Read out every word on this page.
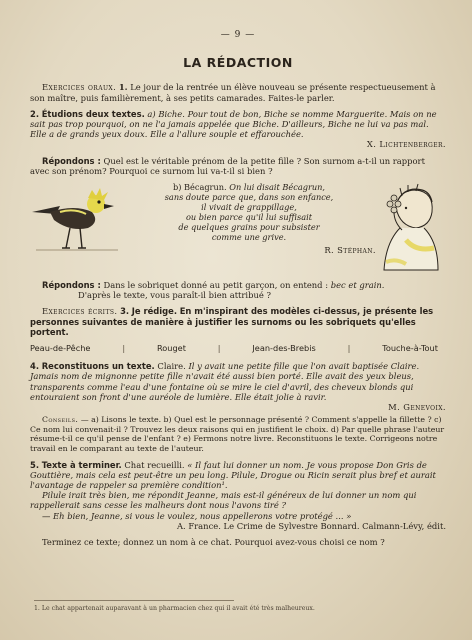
— 9 —
LA RÉDACTION

Exercices oraux. 1. Le jour de la rentrée un élève nouveau se présente respectueusement à son maître, puis familièrement, à ses petits camarades. Faites-le parler.

2. Étudions deux textes. a) Biche. Pour tout de bon, Biche se nomme Marguerite. Mais on ne sait pas trop pourquoi, on ne l'a jamais appelée que Biche. D'ailleurs, Biche ne lui va pas mal. Elle a de grands yeux doux. Elle a l'allure souple et effarouchée.

X. Lichtenberger.

Répondons : Quel est le véritable prénom de la petite fille ? Son surnom a-t-il un rapport avec son prénom? Pourquoi ce surnom lui va-t-il si bien ?

b) Bécagrun. On lui disait Bécagrun,
sans doute parce que, dans son enfance,
il vivait de grappillage,
ou bien parce qu'il lui suffisait
de quelques grains pour subsister
comme une grive.

R. Stéphan.

Répondons : Dans le sobriquet donné au petit garçon, on entend : bec et grain.

D'après le texte, vous paraît-il bien attribué ?

Exercices écrits. 3. Je rédige. En m'inspirant des modèles ci-dessus, je présente les personnes suivantes de manière à justifier les surnoms ou les sobriquets qu'elles portent.

Peau-de-Pêche	|	Rouget	|	Jean-des-Brebis	|	Touche-à-Tout

4. Reconstituons un texte. Claire. Il y avait une petite fille que l'on avait baptisée Claire. Jamais nom de mignonne petite fille n'avait été aussi bien porté. Elle avait des yeux bleus, transparents comme l'eau d'une fontaine où se mire le ciel d'avril, des cheveux blonds qui entouraient son front d'une auréole de lumière. Elle était jolie à ravir.

M. Genevoix.

Conseils. — a) Lisons le texte. b) Quel est le personnage présenté ? Comment s'appelle la fillette ? c) Ce nom lui convenait-il ? Trouvez les deux raisons qui en justifient le choix. d) Par quelle phrase l'auteur résume-t-il ce qu'il pense de l'enfant ? e) Fermons notre livre. Reconstituons le texte. Corrigeons notre travail en le comparant au texte de l'auteur.

5. Texte à terminer. Chat recueilli. « Il faut lui donner un nom. Je vous propose Don Gris de Gouttière, mais cela est peut-être un peu long. Pilule, Drogue ou Ricin serait plus bref et aurait l'avantage de rappeler sa première condition¹.

Pilule irait très bien, me répondit Jeanne, mais est-il généreux de lui donner un nom qui rappellerait sans cesse les malheurs dont nous l'avons tiré ?

— Eh bien, Jeanne, si vous le voulez, nous appellerons votre protégé ... »

A. France. Le Crime de Sylvestre Bonnard. Calmann-Lévy, édit.

Terminez ce texte; donnez un nom à ce chat. Pourquoi avez-vous choisi ce nom ?

1. Le chat appartenait auparavant à un pharmacien chez qui il avait été très malheureux.
